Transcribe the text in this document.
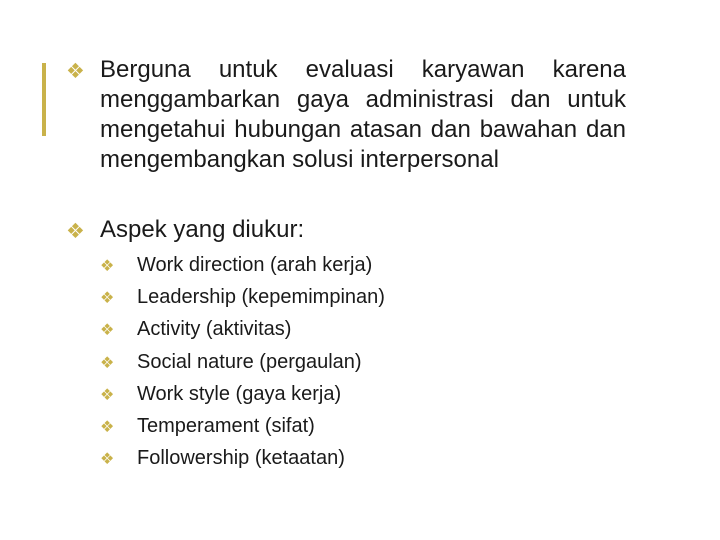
❖ Berguna untuk evaluasi karyawan karena menggambarkan gaya administrasi dan untuk mengetahui hubungan atasan dan bawahan dan mengembangkan solusi interpersonal
❖ Aspek yang diukur:
❖	Work direction (arah kerja)
❖	Leadership (kepemimpinan)
❖	Activity (aktivitas)
❖	Social nature (pergaulan)
❖	Work style (gaya kerja)
❖	Temperament (sifat)
❖	Followership (ketaatan)
